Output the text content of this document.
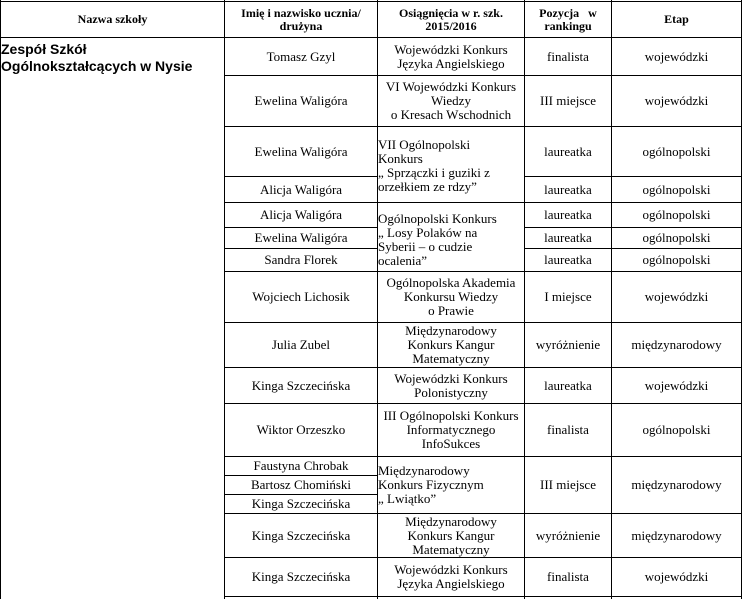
Nazwa szkoły	Imię i nazwisko ucznia/
drużyna
Osiągnięcia w r. szk.
2015/2016
Pozycja w
rankingu	Etap
Zespół Szkół
Ogólnokształcących w Nysie
Tomasz Gzyl
Ewelina Waligóra
Ewelina Waligóra
Alicja Waligóra
Alicja Waligóra
Ewelina Waligóra
Sandra Florek
Wojciech Lichosik
Julia Zubel
Kinga Szczecińska
Wiktor Orzeszko
Faustyna Chrobak
Bartosz Chomiński
Kinga Szczecińska
Kinga Szczecińska
Kinga Szczecińska
Wojewódzki Konkurs
Języka Angielskiego
VI Wojewódzki Konkurs
Wiedzy
o Kresach Wschodnich
VII Ogólnopolski
Konkurs
„ Sprzączki i guziki z
orzełkiem ze rdzy”
Ogólnopolski Konkurs
„ Losy Polaków na
Syberii – o cudzie
ocalenia”
Ogólnopolska Akademia
Konkursu Wiedzy
o Prawie
Międzynarodowy
Konkurs Kangur
Matematyczny
Wojewódzki Konkurs
Polonistyczny
III Ogólnopolski Konkurs
Informatycznego
InfoSukces
Międzynarodowy
Konkurs Fizycznym
„ Lwiątko”
Międzynarodowy
Konkurs Kangur
Matematyczny
Wojewódzki Konkurs
Języka Angielskiego
finalista
III miejsce
laureatka
laureatka
laureatka
laureatka
laureatka
I miejsce
wyróżnienie
laureatka
finalista
III miejsce
wyróżnienie
finalista
wojewódzki
wojewódzki
ogólnopolski
ogólnopolski
ogólnopolski
ogólnopolski
ogólnopolski
wojewódzki
międzynarodowy
wojewódzki
ogólnopolski
międzynarodowy
międzynarodowy
wojewódzki
